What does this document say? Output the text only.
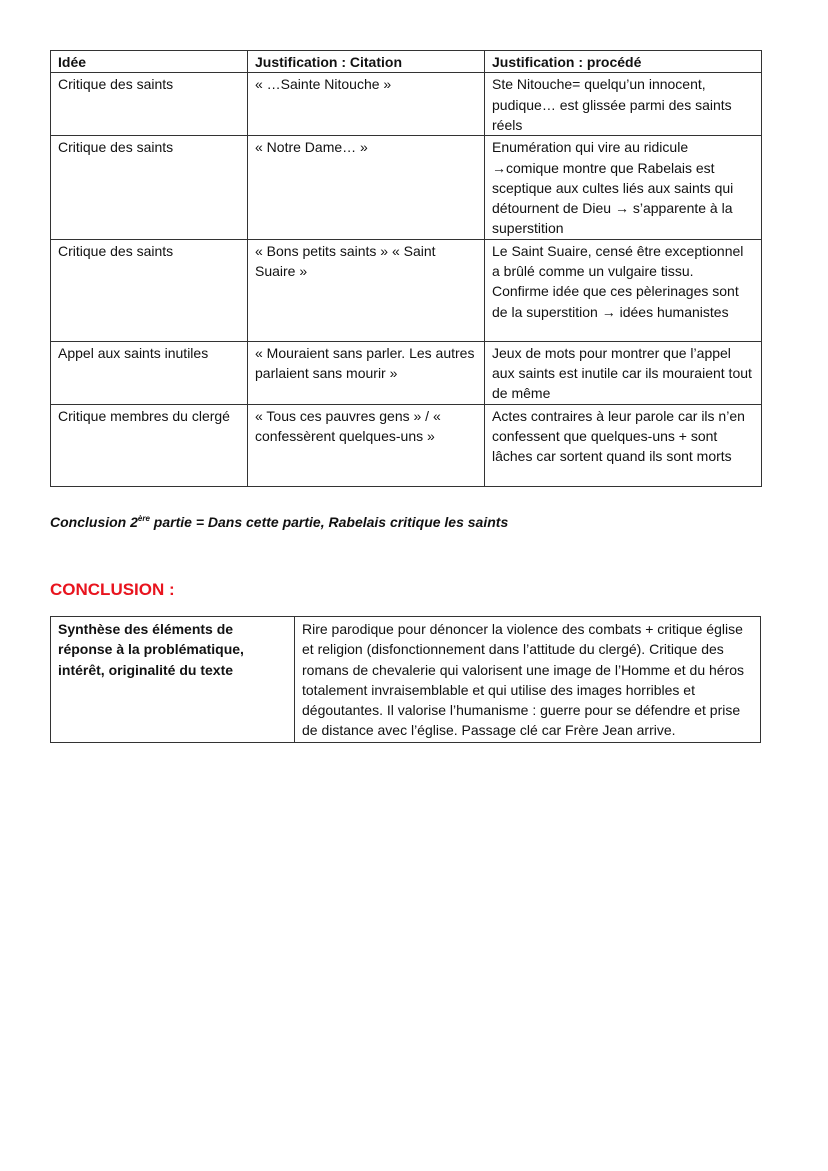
Idée	Justification : Citation	Justification : procédé
Critique des saints	« …Sainte Nitouche »	Ste Nitouche= quelqu’un innocent, pudique… est glissée parmi des saints réels
Critique des saints	« Notre Dame… »	Enumération qui vire au ridicule →comique montre que Rabelais est sceptique aux cultes liés aux saints qui détournent de Dieu → s’apparente à la superstition
Critique des saints	« Bons petits saints » « Saint Suaire »	Le Saint Suaire, censé être exceptionnel a brûlé comme un vulgaire tissu. Confirme idée que ces pèlerinages sont de la superstition → idées humanistes
Appel aux saints inutiles	« Mouraient sans parler. Les autres parlaient sans mourir »	Jeux de mots pour montrer que l’appel aux saints est inutile car ils mouraient tout de même
Critique membres du clergé	« Tous ces pauvres gens » / « confessèrent quelques-uns »	Actes contraires à leur parole car ils n’en confessent que quelques-uns + sont lâches car sortent quand ils sont morts
Conclusion 2ère partie = Dans cette partie, Rabelais critique les saints
CONCLUSION :
Synthèse des éléments de réponse à la problématique, intérêt, originalité du texte	Rire parodique pour dénoncer la violence des combats + critique église et religion (disfonctionnement dans l’attitude du clergé). Critique des romans de chevalerie qui valorisent une image de l’Homme et du héros totalement invraisemblable et qui utilise des images horribles et dégoutantes. Il valorise l’humanisme : guerre pour se défendre et prise de distance avec l’église. Passage clé car Frère Jean arrive.
